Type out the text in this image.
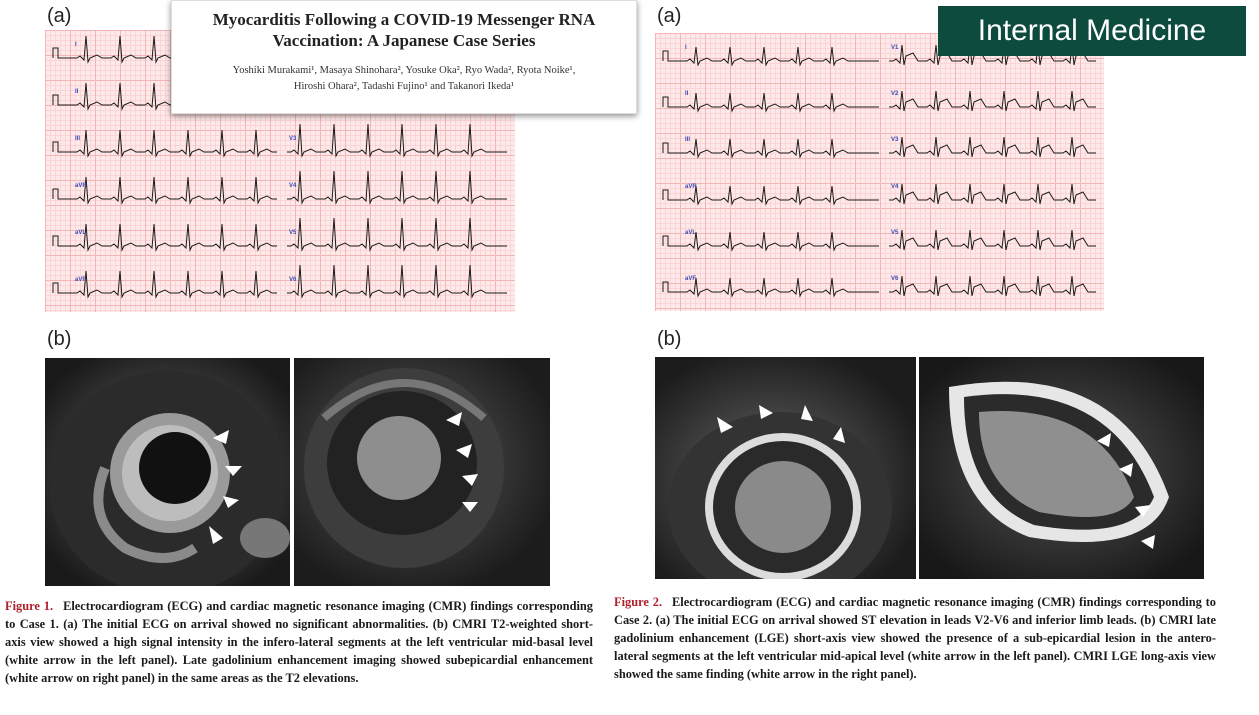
(a)
I
II
III
aVR
aVL
aVF
V3
V4
V5
V6
Myocarditis Following a COVID-19 Messenger RNA
Vaccination: A Japanese Case Series
Yoshiki Murakami¹, Masaya Shinohara², Yosuke Oka², Ryo Wada², Ryota Noike¹,
Hiroshi Ohara², Tadashi Fujino¹ and Takanori Ikeda¹
(b)
Figure 1. Electrocardiogram (ECG) and cardiac magnetic resonance imaging (CMR) findings corresponding to Case 1. (a) The initial ECG on arrival showed no significant abnormalities. (b) CMRI T2-weighted short-axis view showed a high signal intensity in the infero-lateral segments at the left ventricular mid-basal level (white arrow in the left panel). Late gadolinium enhancement imaging showed subepicardial enhancement (white arrow on right panel) in the same areas as the T2 elevations.
(a)
I
II
III
aVR
aVL
aVF
V1
V2
V3
V4
V5
V6
Internal Medicine
(b)
Figure 2. Electrocardiogram (ECG) and cardiac magnetic resonance imaging (CMR) findings corresponding to Case 2. (a) The initial ECG on arrival showed ST elevation in leads V2-V6 and inferior limb leads. (b) CMRI late gadolinium enhancement (LGE) short-axis view showed the presence of a sub-epicardial lesion in the antero-lateral segments at the left ventricular mid-apical level (white arrow in the left panel). CMRI LGE long-axis view showed the same finding (white arrow in the right panel).
